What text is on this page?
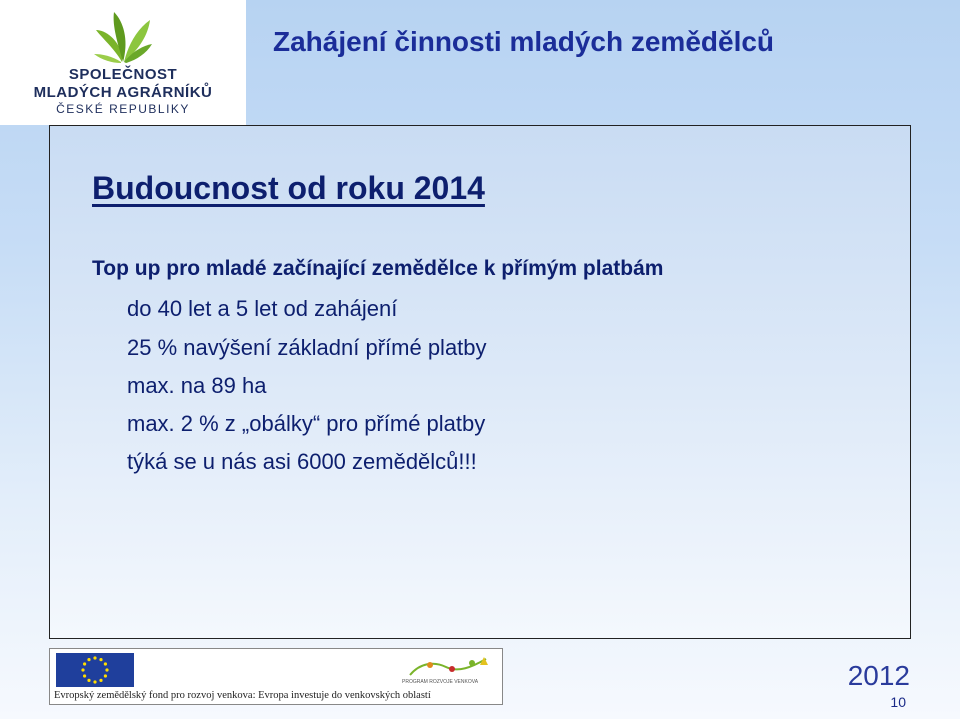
SPOLEČNOST
MLADÝCH AGRÁRNÍKŮ
ČESKÉ REPUBLIKY
Zahájení činnosti mladých zemědělců
Budoucnost od roku 2014
Top up pro mladé začínající zemědělce k přímým platbám
do 40 let a 5 let od zahájení
25 % navýšení základní přímé platby
max. na 89 ha
max. 2 % z „obálky“ pro přímé platby
týká se u nás asi 6000 zemědělců!!!
PROGRAM ROZVOJE VENKOVA
Evropský zemědělský fond pro rozvoj venkova: Evropa investuje do venkovských oblastí
2012
10
